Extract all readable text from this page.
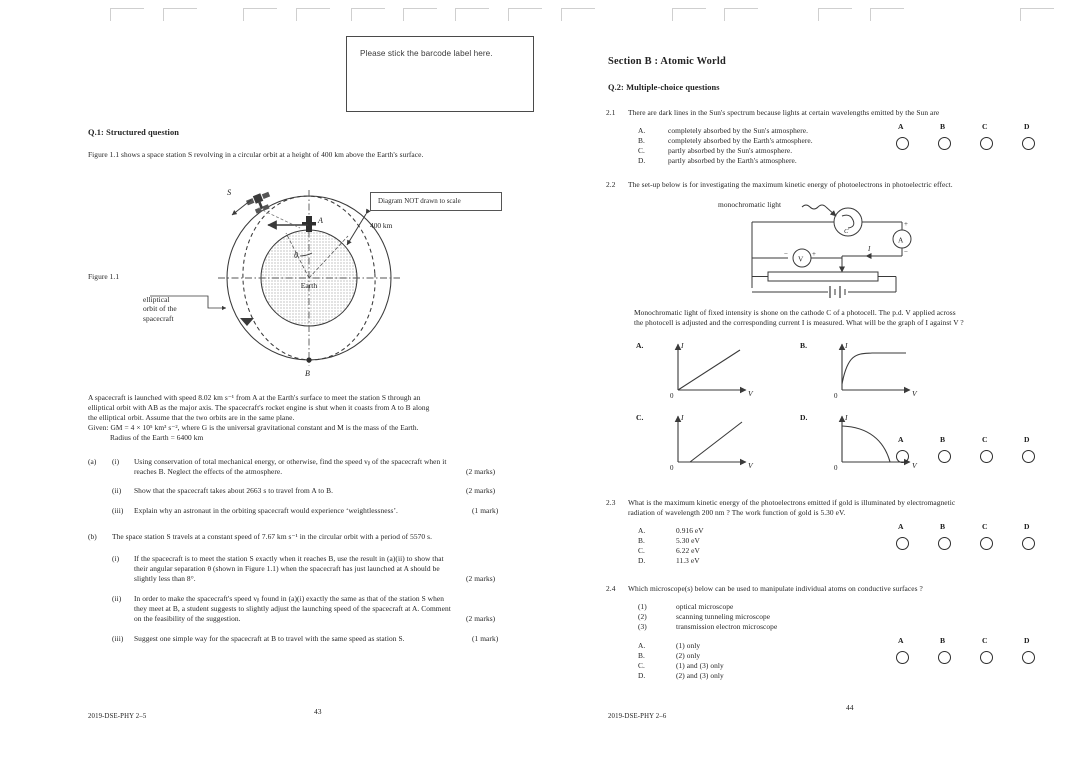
Please stick the barcode label here.
Q.1: Structured question
Figure 1.1 shows a space station S revolving in a circular orbit at a height of 400 km above the Earth's surface.
Diagram NOT drawn to scale
Figure 1.1
elliptical
orbit of the
spacecraft
Earth
θ
A
S
400 km
B
A spacecraft is launched with speed 8.02 km s⁻¹ from A at the Earth's surface to meet the station S through an
elliptical orbit with AB as the major axis. The spacecraft's rocket engine is shut when it coasts from A to B along
the elliptical orbit. Assume that the two orbits are in the same plane.
Given: GM = 4 × 10⁵ km³ s⁻², where G is the universal gravitational constant and M is the mass of the Earth.
Radius of the Earth = 6400 km
(a) (i) Using conservation of total mechanical energy, or otherwise, find the speed vᵦ of the spacecraft when it
reaches B. Neglect the effects of the atmosphere.	(2 marks)
(ii) Show that the spacecraft takes about 2663 s to travel from A to B.	(2 marks)
(iii) Explain why an astronaut in the orbiting spacecraft would experience ‘weightlessness’.	(1 mark)
(b) The space station S travels at a constant speed of 7.67 km s⁻¹ in the circular orbit with a period of 5570 s.
(i) If the spacecraft is to meet the station S exactly when it reaches B, use the result in (a)(ii) to show that
their angular separation θ (shown in Figure 1.1) when the spacecraft has just launched at A should be
slightly less than 8°.	(2 marks)
(ii) In order to make the spacecraft's speed vᵦ found in (a)(i) exactly the same as that of the station S when
they meet at B, a student suggests to slightly adjust the launching speed of the spacecraft at A. Comment
on the feasibility of the suggestion.	(2 marks)
(iii) Suggest one simple way for the spacecraft at B to travel with the same speed as station S.	(1 mark)
2019-DSE-PHY 2–5
43
Section B : Atomic World
Q.2: Multiple-choice questions
2.1 There are dark lines in the Sun's spectrum because lights at certain wavelengths emitted by the Sun are
A.	completely absorbed by the Sun's atmosphere.
B.	completely absorbed by the Earth's atmosphere.
C.	partly absorbed by the Sun's atmosphere.
D.	partly absorbed by the Earth's atmosphere.
A	B	C	D
2.2 The set-up below is for investigating the maximum kinetic energy of photoelectrons in photoelectric effect.
monochromatic light
C
+
A
−
I
−
V
+
Monochromatic light of fixed intensity is shone on the cathode C of a photocell. The p.d. V applied across
the photocell is adjusted and the corresponding current I is measured. What will be the graph of I against V ?
A.	I
V
0
B.	I
V
0
C.	I
V
0
D.	I
V
0
A	B	C	D
2.3 What is the maximum kinetic energy of the photoelectrons emitted if gold is illuminated by electromagnetic
radiation of wavelength 200 nm ? The work function of gold is 5.30 eV.
A.	0.916 eV
B.	5.30 eV
C.	6.22 eV
D.	11.3 eV
A	B	C	D
2.4 Which microscope(s) below can be used to manipulate individual atoms on conductive surfaces ?
(1)	optical microscope
(2)	scanning tunneling microscope
(3)	transmission electron microscope
A.	(1) only
B.	(2) only
C.	(1) and (3) only
D.	(2) and (3) only
A	B	C	D
2019-DSE-PHY 2–6
44
